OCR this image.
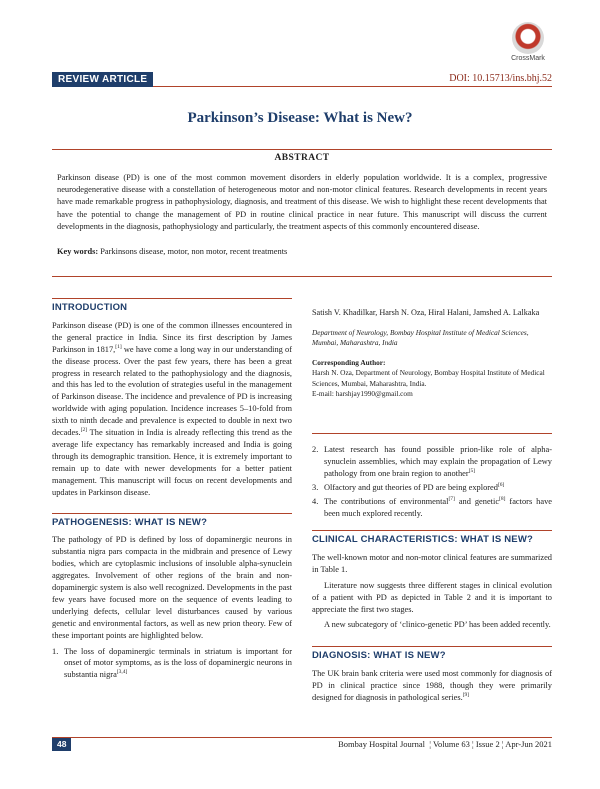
CrossMark
REVIEW ARTICLE	DOI: 10.15713/ins.bhj.52
Parkinson’s Disease: What is New?
ABSTRACT
Parkinson disease (PD) is one of the most common movement disorders in elderly population worldwide. It is a complex, progressive neurodegenerative disease with a constellation of heterogeneous motor and non-motor clinical features. Research developments in recent years have made remarkable progress in pathophysiology, diagnosis, and treatment of this disease. We wish to highlight these recent developments that have the potential to change the management of PD in routine clinical practice in near future. This manuscript will discuss the current developments in the diagnosis, pathophysiology and particularly, the treatment aspects of this commonly encountered disease.
Key words: Parkinsons disease, motor, non motor, recent treatments
INTRODUCTION
Parkinson disease (PD) is one of the common illnesses encountered in the general practice in India. Since its first description by James Parkinson in 1817,[1] we have come a long way in our understanding of the disease process. Over the past few years, there has been a great progress in research related to the pathophysiology and the diagnosis, and this has led to the evolution of strategies useful in the management of Parkinson disease. The incidence and prevalence of PD is increasing worldwide with aging population. Incidence increases 5–10-fold from sixth to ninth decade and prevalence is expected to double in next two decades.[2] The situation in India is already reflecting this trend as the average life expectancy has remarkably increased and India is going through its demographic transition. Hence, it is extremely important to remain up to date with newer developments for a better patient management. This manuscript will focus on recent developments and updates in Parkinson disease.
PATHOGENESIS: WHAT IS NEW?
The pathology of PD is defined by loss of dopaminergic neurons in substantia nigra pars compacta in the midbrain and presence of Lewy bodies, which are cytoplasmic inclusions of insoluble alpha-synuclein aggregates. Involvement of other regions of the brain and non-dopaminergic system is also well recognized. Developments in the past few years have focused more on the sequence of events leading to underlying defects, cellular level disturbances caused by various genetic and environmental factors, as well as new prion theory. Few of these important points are highlighted below.
1. The loss of dopaminergic terminals in striatum is important for onset of motor symptoms, as is the loss of dopaminergic neurons in substantia nigra[3,4]
Satish V. Khadilkar, Harsh N. Oza, Hiral Halani, Jamshed A. Lalkaka
Department of Neurology, Bombay Hospital Institute of Medical Sciences, Mumbai, Maharashtra, India
Corresponding Author:
Harsh N. Oza, Department of Neurology, Bombay Hospital Institute of Medical Sciences, Mumbai, Maharashtra, India.
E-mail: harshjay1990@gmail.com
2. Latest research has found possible prion-like role of alpha-synuclein assemblies, which may explain the propagation of Lewy pathology from one brain region to another[5]
3. Olfactory and gut theories of PD are being explored[6]
4. The contributions of environmental[7] and genetic[8] factors have been much explored recently.
CLINICAL CHARACTERISTICS: WHAT IS NEW?
The well-known motor and non-motor clinical features are summarized in Table 1.
Literature now suggests three different stages in clinical evolution of a patient with PD as depicted in Table 2 and it is important to appreciate the first two stages.
A new subcategory of ‘clinico-genetic PD’ has been added recently.
DIAGNOSIS: WHAT IS NEW?
The UK brain bank criteria were used most commonly for diagnosis of PD in clinical practice since 1988, though they were primarily designed for diagnosis in pathological series.[9]
48	Bombay Hospital Journal  ¦ Volume 63 ¦ Issue 2 ¦ Apr-Jun 2021
